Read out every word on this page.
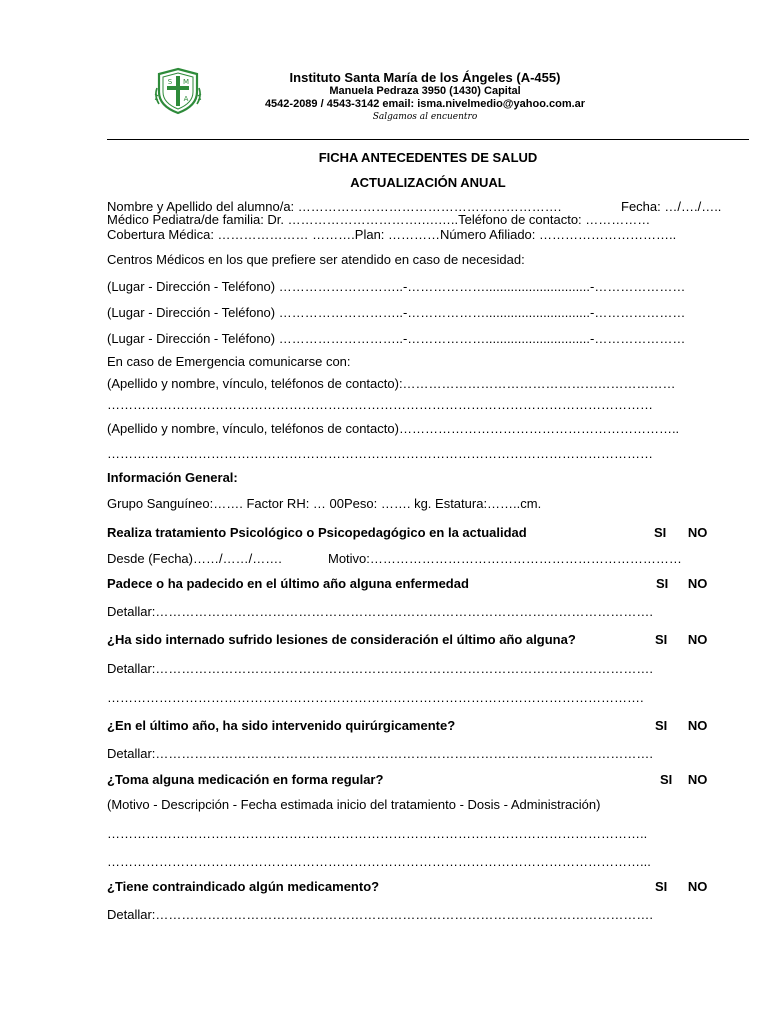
S M
A
Instituto Santa María de los Ángeles (A-455)
Manuela Pedraza 3950 (1430) Capital
4542-2089 / 4543-3142 email: isma.nivelmedio@yahoo.com.ar
Salgamos al encuentro
FICHA ANTECEDENTES DE SALUD
ACTUALIZACIÓN ANUAL
Nombre y Apellido del alumno/a: …………………………………………………….	Fecha: …/…./…..
Médico Pediatra/de familia: Dr. ………………………….….…..Teléfono de contacto: ……………
Cobertura Médica: ………………… ……….Plan: …………Número Afiliado: …………………………..
Centros Médicos en los que prefiere ser atendido en caso de necesidad:
(Lugar - Dirección - Teléfono) ………………………..-……………….............................-…………………
(Lugar - Dirección - Teléfono) ………………………..-……………….............................-…………………
(Lugar - Dirección - Teléfono) ………………………..-……………….............................-…………………
En caso de Emergencia comunicarse con:
(Apellido y nombre, vínculo, teléfonos de contacto):………………………………………………………
………………………………………………………………………………………………………………
(Apellido y nombre, vínculo, teléfonos de contacto)………………………………………………………..
………………………………………………………………………………………………………………
Información General:
Grupo Sanguíneo:……. Factor RH: … 00Peso: ……. kg. Estatura:……..cm.
Realiza tratamiento Psicológico o Psicopedagógico en la actualidad	SI NO
Desde (Fecha)……/……/…….	Motivo:………………………………………………………………
Padece o ha padecido en el último año alguna enfermedad	SI NO
Detallar:…………………………………………………………………………………………………….
¿Ha sido internado sufrido lesiones de consideración el último año alguna?	SI NO
Detallar:…………………………………………………………………………………………………….
…………………………………………………………………………………………………………….
¿En el último año, ha sido intervenido quirúrgicamente?	SI NO
Detallar:…………………………………………………………………………………………………….
¿Toma alguna medicación en forma regular?	SI NO
(Motivo - Descripción - Fecha estimada inicio del tratamiento - Dosis - Administración)
……………………………………………………………………………………………………………..
……………………………………………………………………………………………………………...
¿Tiene contraindicado algún medicamento?	SI NO
Detallar:…………………………………………………………………………………………………….
